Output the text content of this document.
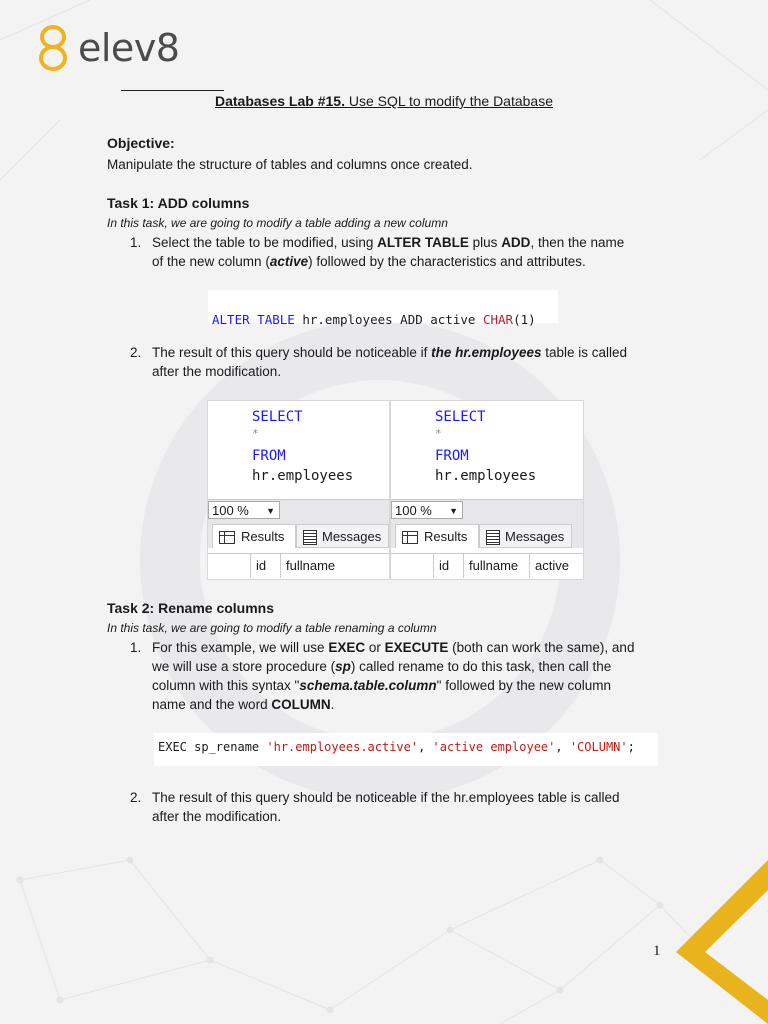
elev8
Databases Lab #15. Use SQL to modify the Database
Objective:
Manipulate the structure of tables and columns once created.
Task 1: ADD columns
In this task, we are going to modify a table adding a new column
1. Select the table to be modified, using ALTER TABLE plus ADD, then the name
of the new column (active) followed by the characteristics and attributes.

ALTER TABLE hr.employees ADD active CHAR(1)
2. The result of this query should be noticeable if the hr.employees table is called
after the modification.
SELECT
*
FROM
hr.employees
100 % ▼
Results	Messages
id	fullname
SELECT
*
FROM
hr.employees
100 % ▼
Results	Messages
id	fullname	active
Task 2: Rename columns
In this task, we are going to modify a table renaming a column
1. For this example, we will use EXEC or EXECUTE (both can work the same), and
we will use a store procedure (sp) called rename to do this task, then call the
column with this syntax "schema.table.column" followed by the new column
name and the word COLUMN.
EXEC sp_rename 'hr.employees.active', 'active employee', 'COLUMN';
2. The result of this query should be noticeable if the hr.employees table is called
after the modification.
1
